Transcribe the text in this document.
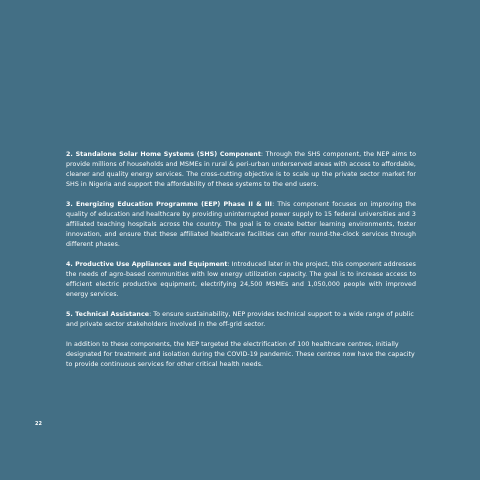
2. Standalone Solar Home Systems (SHS) Component: Through the SHS component, the NEP aims to provide millions of households and MSMEs in rural & peri-urban underserved areas with access to affordable, cleaner and quality energy services. The cross-cutting objective is to scale up the private sector market for SHS in Nigeria and support the affordability of these systems to the end users.

3. Energizing Education Programme (EEP) Phase II & III: This component focuses on improving the quality of education and healthcare by providing uninterrupted power supply to 15 federal universities and 3 affiliated teaching hospitals across the country. The goal is to create better learning environments, foster innovation, and ensure that these affiliated healthcare facilities can offer round-the-clock services through different phases.

4. Productive Use Appliances and Equipment: Introduced later in the project, this component addresses the needs of agro-based communities with low energy utilization capacity. The goal is to increase access to efficient electric productive equipment, electrifying 24,500 MSMEs and 1,050,000 people with improved energy services.

5. Technical Assistance: To ensure sustainability, NEP provides technical support to a wide range of public and private sector stakeholders involved in the off-grid sector.

In addition to these components, the NEP targeted the electrification of 100 healthcare centres, initially designated for treatment and isolation during the COVID-19 pandemic. These centres now have the capacity to provide continuous services for other critical health needs.

22
